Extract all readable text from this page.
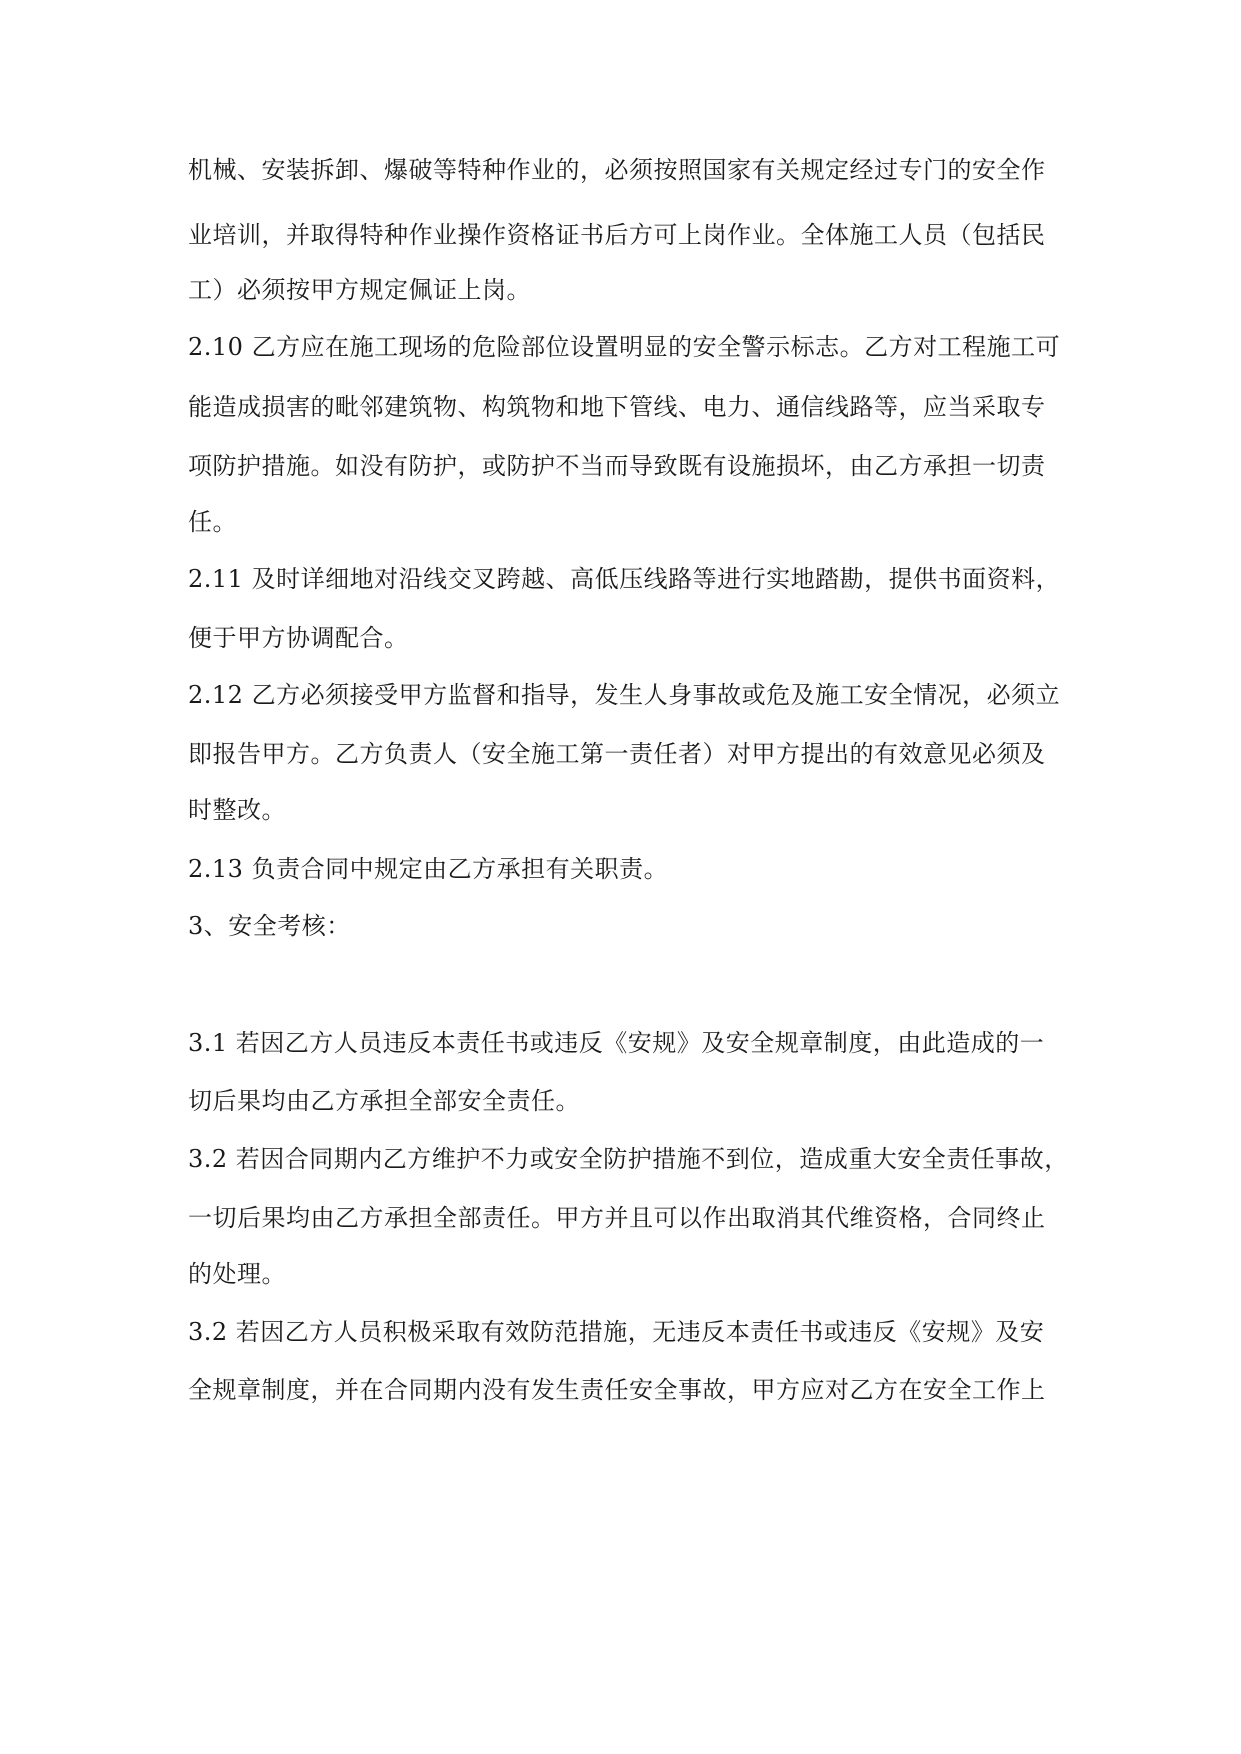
机械、安装拆卸、爆破等特种作业的，必须按照国家有关规定经过专门的安全作
业培训，并取得特种作业操作资格证书后方可上岗作业。全体施工人员（包括民
工）必须按甲方规定佩证上岗。
2.10 乙方应在施工现场的危险部位设置明显的安全警示标志。乙方对工程施工可
能造成损害的毗邻建筑物、构筑物和地下管线、电力、通信线路等，应当采取专
项防护措施。如没有防护，或防护不当而导致既有设施损坏，由乙方承担一切责
任。
2.11 及时详细地对沿线交叉跨越、高低压线路等进行实地踏勘，提供书面资料，
便于甲方协调配合。
2.12 乙方必须接受甲方监督和指导，发生人身事故或危及施工安全情况，必须立
即报告甲方。乙方负责人（安全施工第一责任者）对甲方提出的有效意见必须及
时整改。
2.13 负责合同中规定由乙方承担有关职责。
3、安全考核：
3.1 若因乙方人员违反本责任书或违反《安规》及安全规章制度，由此造成的一
切后果均由乙方承担全部安全责任。
3.2 若因合同期内乙方维护不力或安全防护措施不到位，造成重大安全责任事故，
一切后果均由乙方承担全部责任。甲方并且可以作出取消其代维资格，合同终止
的处理。
3.2 若因乙方人员积极采取有效防范措施，无违反本责任书或违反《安规》及安
全规章制度，并在合同期内没有发生责任安全事故，甲方应对乙方在安全工作上
